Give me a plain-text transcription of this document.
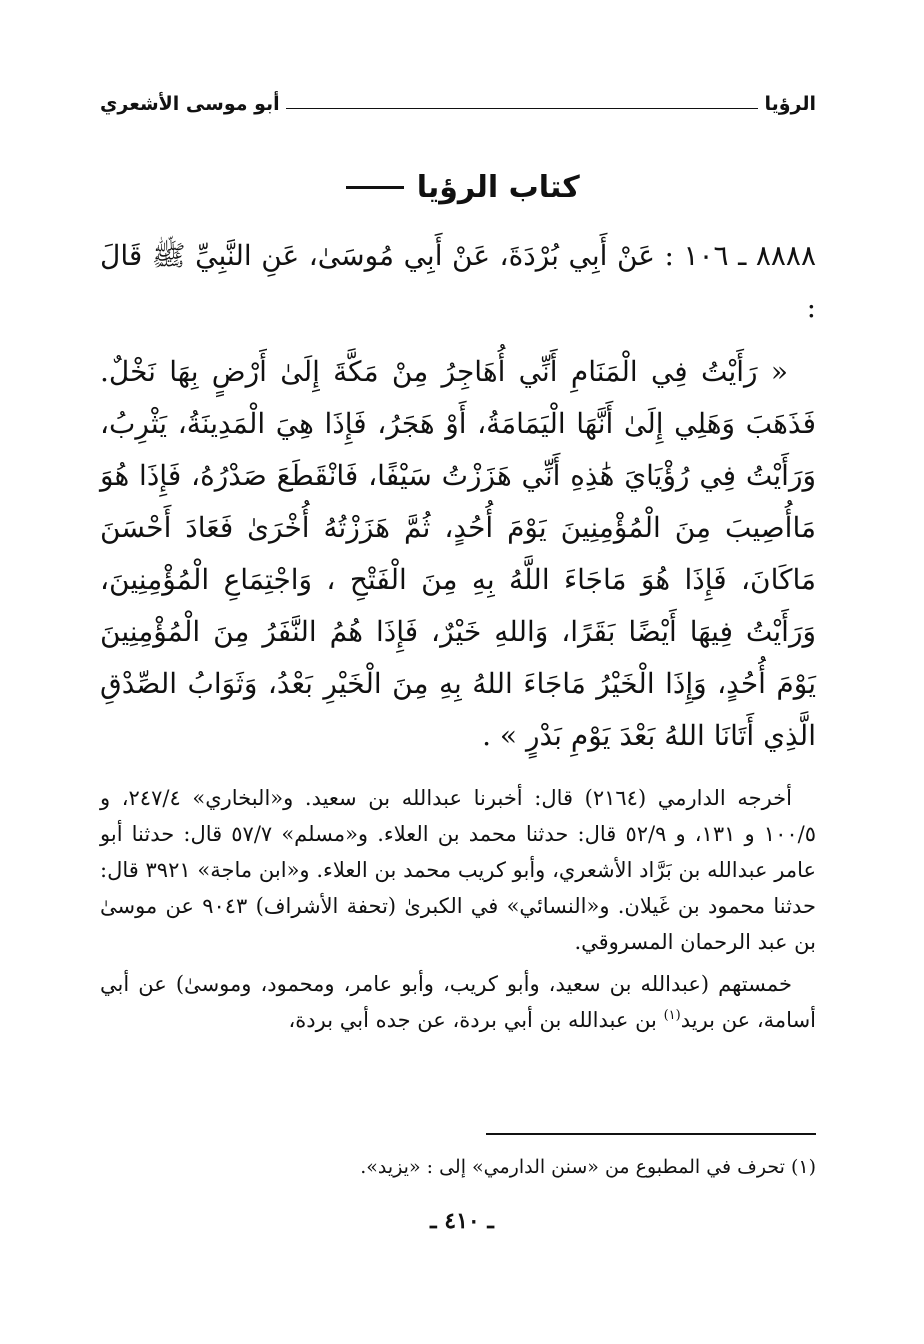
الرؤيا
أبو موسى الأشعري
كتاب الرؤيا

٨٨٨٨ ـ ١٠٦ : عَنْ أَبِي بُرْدَةَ، عَنْ أَبِي مُوسَىٰ، عَنِ النَّبِيِّ ﷺ قَالَ :

« رَأَيْتُ فِي الْمَنَامِ أَنِّي أُهَاجِرُ مِنْ مَكَّةَ إِلَىٰ أَرْضٍ بِهَا نَخْلٌ. فَذَهَبَ وَهَلِي إِلَىٰ أَنَّهَا الْيَمَامَةُ، أَوْ هَجَرُ، فَإِذَا هِيَ الْمَدِينَةُ، يَثْرِبُ، وَرَأَيْتُ فِي رُؤْيَايَ هَٰذِهِ أَنِّي هَزَزْتُ سَيْفًا، فَانْقَطَعَ صَدْرُهُ، فَإِذَا هُوَ مَاأُصِيبَ مِنَ الْمُؤْمِنِينَ يَوْمَ أُحُدٍ، ثُمَّ هَزَزْتُهُ أُخْرَىٰ فَعَادَ أَحْسَنَ مَاكَانَ، فَإِذَا هُوَ مَاجَاءَ اللَّهُ بِهِ مِنَ الْفَتْحِ ، وَاجْتِمَاعِ الْمُؤْمِنِينَ، وَرَأَيْتُ فِيهَا أَيْضًا بَقَرًا، وَاللهِ خَيْرٌ، فَإِذَا هُمُ النَّفَرُ مِنَ الْمُؤْمِنِينَ يَوْمَ أُحُدٍ، وَإِذَا الْخَيْرُ مَاجَاءَ اللهُ بِهِ مِنَ الْخَيْرِ بَعْدُ، وَثَوَابُ الصِّدْقِ الَّذِي أَتَانَا اللهُ بَعْدَ يَوْمِ بَدْرٍ » .

أخرجه الدارمي (٢١٦٤) قال: أخبرنا عبدالله بن سعيد. و«البخاري» ٢٤٧/٤، و ١٠٠/٥ و ١٣١، و ٥٢/٩ قال: حدثنا محمد بن العلاء. و«مسلم» ٥٧/٧ قال: حدثنا أبو عامر عبدالله بن بَرَّاد الأشعري، وأبو كريب محمد بن العلاء. و«ابن ماجة» ٣٩٢١ قال: حدثنا محمود بن غَيلان. و«النسائي» في الكبرىٰ (تحفة الأشراف) ٩٠٤٣ عن موسىٰ بن عبد الرحمان المسروقي.

خمستهم (عبدالله بن سعيد، وأبو كريب، وأبو عامر، ومحمود، وموسىٰ) عن أبي أسامة، عن بريد$^{(١)}$ بن عبدالله بن أبي بردة، عن جده أبي بردة،

(١) تحرف في المطبوع من «سنن الدارمي» إلى : «يزيد».
ـ ٤١٠ ـ
